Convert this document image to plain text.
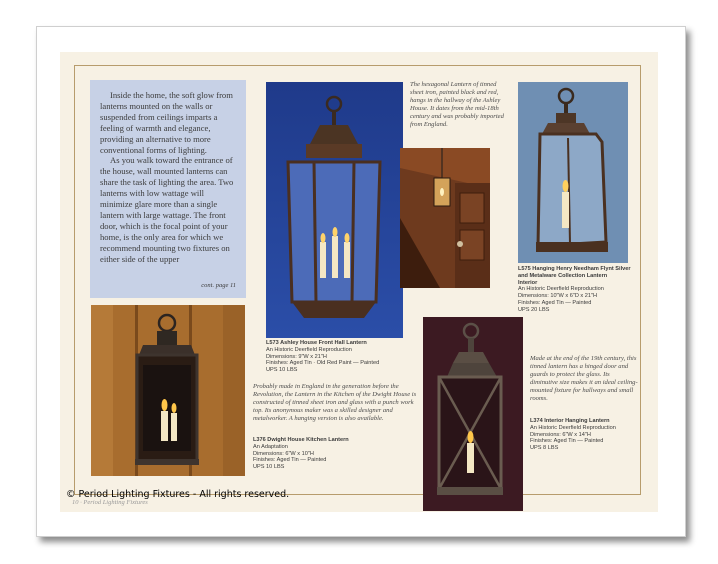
Inside the home, the soft glow from lanterns mounted on the walls or suspended from ceilings imparts a feeling of warmth and elegance, providing an alternative to more conventional forms of lighting.

As you walk toward the entrance of the house, wall mounted lanterns can share the task of lighting the area. Two lanterns with low wattage will minimize glare more than a single lantern with large wattage. The front door, which is the focal point of your home, is the only area for which we recommend mounting two fixtures on either side of the upper

cont. page 11
L573 Ashley House Front Hall Lantern
An Historic Deerfield Reproduction
Dimensions: 9"W x 21"H
Finishes: Aged Tin · Old Red Paint — Painted
UPS 10 LBS
The hexagonal Lantern of tinned sheet iron, painted black and red, hangs in the hallway of the Ashley House. It dates from the mid-18th century and was probably imported from England.
L575 Hanging Henry Needham Flynt Silver and Metalware Collection Lantern
Interior
An Historic Deerfield Reproduction
Dimensions: 10"W x 6"D x 21"H
Finishes: Aged Tin — Painted
UPS 20 LBS
Probably made in England in the generation before the Revolution, the Lantern in the Kitchen of the Dwight House is constructed of tinned sheet iron and glass with a punch work top. Its anonymous maker was a skilled designer and metalworker. A hanging version is also available.
L376 Dwight House Kitchen Lantern
An Adaptation
Dimensions: 6"W x 10"H
Finishes: Aged Tin — Painted
UPS 10 LBS
Made at the end of the 19th century, this tinned lantern has a hinged door and guards to protect the glass. Its diminutive size makes it an ideal ceiling-mounted fixture for hallways and small rooms.
L374 Interior Hanging Lantern
An Historic Deerfield Reproduction
Dimensions: 6"W x 14"H
Finishes: Aged Tin — Painted
UPS 8 LBS
© Period Lighting Fixtures - All rights reserved.
10 · Period Lighting Fixtures
